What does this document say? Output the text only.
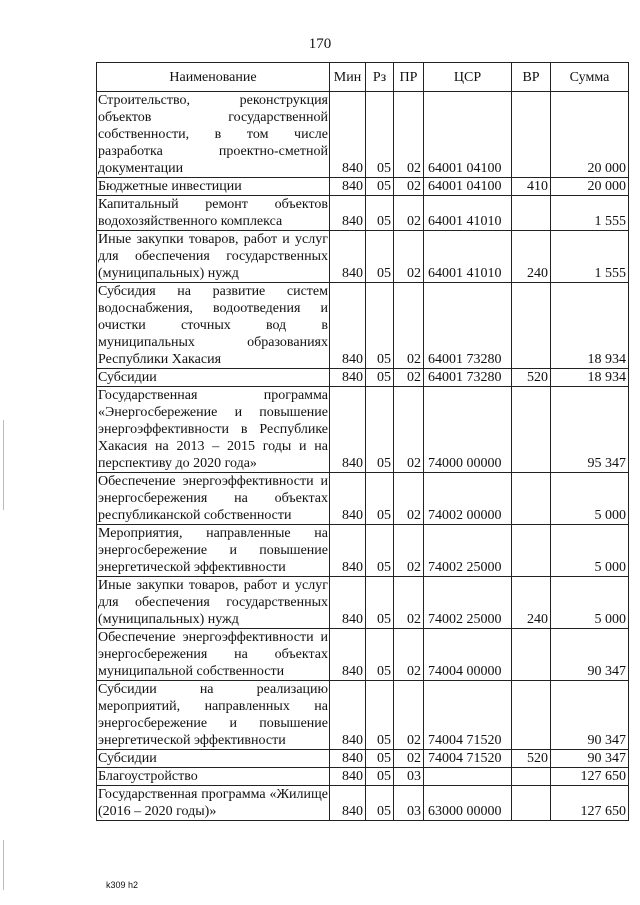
170
Наименование	Мин	Рз	ПР	ЦСР	ВР	Сумма
Строительство, реконструкция объектов государственной собственности, в том числе разработка проектно-сметной документации	840	05	02	64001 04100		20 000
Бюджетные инвестиции	840	05	02	64001 04100	410	20 000
Капитальный ремонт объектов водохозяйственного комплекса	840	05	02	64001 41010		1 555
Иные закупки товаров, работ и услуг для обеспечения государственных (муниципальных) нужд	840	05	02	64001 41010	240	1 555
Субсидия на развитие систем водоснабжения, водоотведения и очистки сточных вод в муниципальных образованиях Республики Хакасия	840	05	02	64001 73280		18 934
Субсидии	840	05	02	64001 73280	520	18 934
Государственная программа «Энергосбережение и повышение энергоэффективности в Республике Хакасия на 2013 – 2015 годы и на перспективу до 2020 года»	840	05	02	74000 00000		95 347
Обеспечение энергоэффективности и энергосбережения на объектах республиканской собственности	840	05	02	74002 00000		5 000
Мероприятия, направленные на энергосбережение и повышение энергетической эффективности	840	05	02	74002 25000		5 000
Иные закупки товаров, работ и услуг для обеспечения государственных (муниципальных) нужд	840	05	02	74002 25000	240	5 000
Обеспечение энергоэффективности и энергосбережения на объектах муниципальной собственности	840	05	02	74004 00000		90 347
Субсидии на реализацию мероприятий, направленных на энергосбережение и повышение энергетической эффективности	840	05	02	74004 71520		90 347
Субсидии	840	05	02	74004 71520	520	90 347
Благоустройство	840	05	03			127 650
Государственная программа «Жилище (2016 – 2020 годы)»	840	05	03	63000 00000		127 650
k309 h2
